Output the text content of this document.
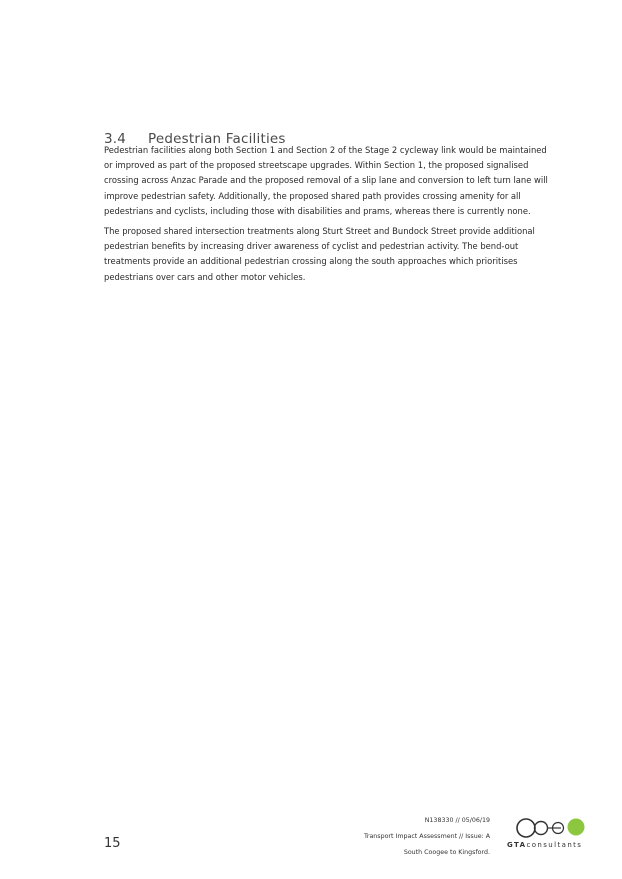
3.4 Pedestrian Facilities

Pedestrian facilities along both Section 1 and Section 2 of the Stage 2 cycleway link would be maintained or improved as part of the proposed streetscape upgrades. Within Section 1, the proposed signalised crossing across Anzac Parade and the proposed removal of a slip lane and conversion to left turn lane will improve pedestrian safety. Additionally, the proposed shared path provides crossing amenity for all pedestrians and cyclists, including those with disabilities and prams, whereas there is currently none.

The proposed shared intersection treatments along Sturt Street and Bundock Street provide additional pedestrian benefits by increasing driver awareness of cyclist and pedestrian activity. The bend-out treatments provide an additional pedestrian crossing along the south approaches which prioritises pedestrians over cars and other motor vehicles.

15
N138330 // 05/06/19
Transport Impact Assessment // Issue: A
South Coogee to Kingsford.
GTAconsultants
